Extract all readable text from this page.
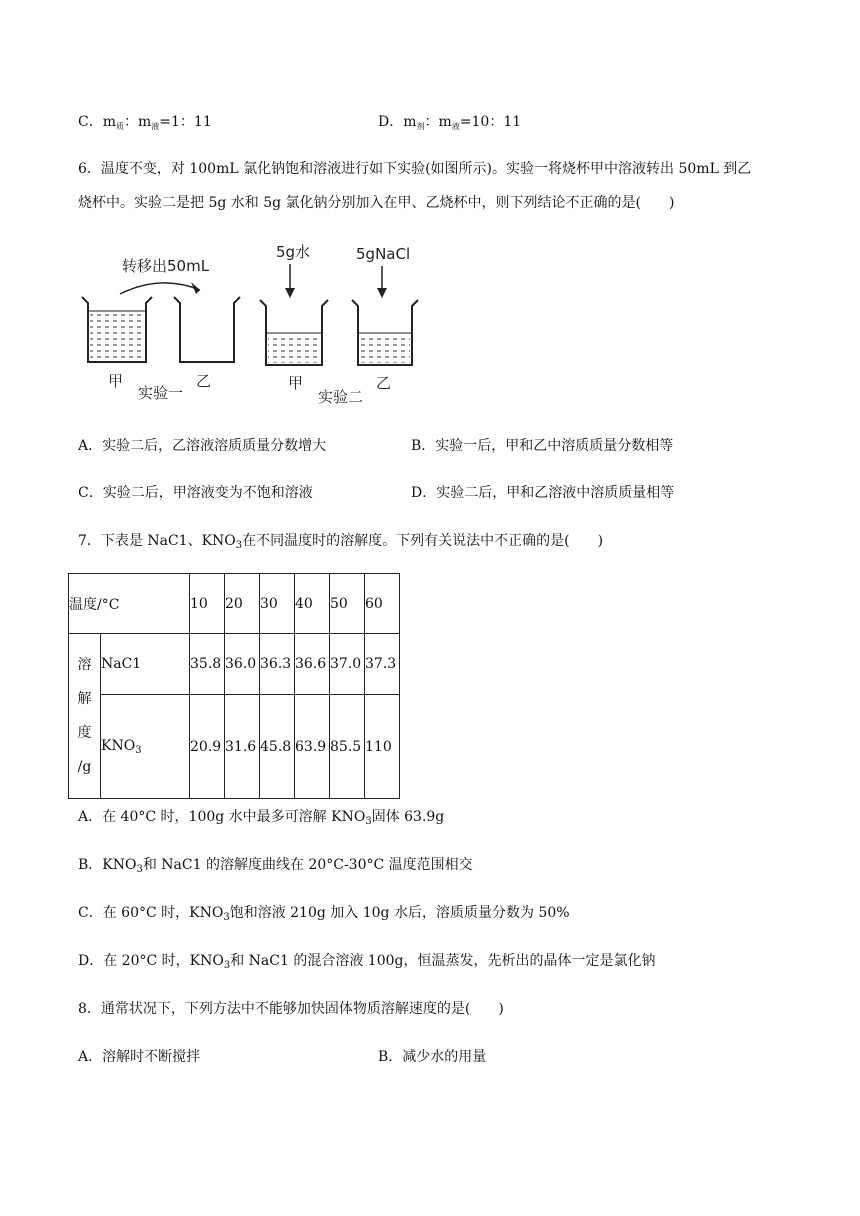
C．$m_质$：$m_液=1$：11	D．$m_剂$：$m_液=10$：11
6．温度不变，对 100mL 氯化钠饱和溶液进行如下实验(如图所示)。实验一将烧杯甲中溶液转出 50mL 到乙
烧杯中。实验二是把 5g 水和 5g 氯化钠分别加入在甲、乙烧杯中，则下列结论不正确的是(　　)
转移出50mL
甲	乙
实验一
5g水	5gNaCl
甲	乙
实验二
A．实验二后，乙溶液溶质质量分数增大	B．实验一后，甲和乙中溶质质量分数相等
C．实验二后，甲溶液变为不饱和溶液	D．实验二后，甲和乙溶液中溶质质量相等
7．下表是 NaC1、$KNO_3$在不同温度时的溶解度。下列有关说法中不正确的是(　　)
温度/°C		10	20	30	40	50	60

溶
解
度
/g	NaC1	35.8	36.0	36.3	36.6	37.0	37.3
	$KNO_3$	20.9	31.6	45.8	63.9	85.5	110
A．在 40°C 时，100g 水中最多可溶解 $KNO_3$固体 63.9g
B．$KNO_3$和 NaC1 的溶解度曲线在 20°C-30°C 温度范围相交
C．在 60°C 时，$KNO_3$饱和溶液 210g 加入 10g 水后，溶质质量分数为 50%
D．在 20°C 时，$KNO_3$和 NaC1 的混合溶液 100g，恒温蒸发，先析出的晶体一定是氯化钠
8．通常状况下，下列方法中不能够加快固体物质溶解速度的是(　　)
A．溶解时不断搅拌	B．减少水的用量
